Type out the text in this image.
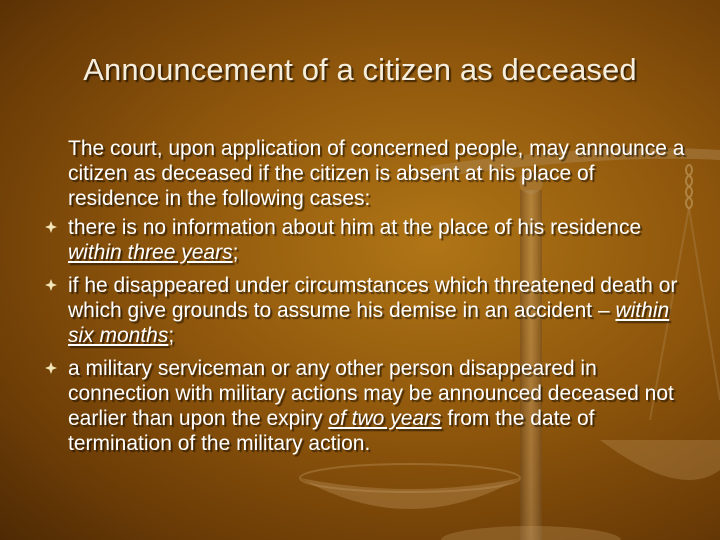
Announcement of a citizen as deceased

The court, upon application of concerned people, may announce a citizen as deceased if the citizen is absent at his place of residence in the following cases:

there is no information about him at the place of his residence within three years;
if he disappeared under circumstances which threatened death or which give grounds to assume his demise in an accident – within six months;
a military serviceman or any other person disappeared in connection with military actions may be announced deceased not earlier than upon the expiry of two years from the date of termination of the military action.
